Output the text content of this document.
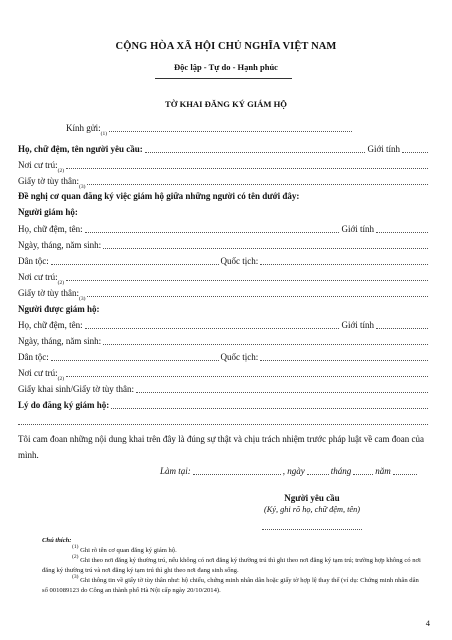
CỘNG HÒA XÃ HỘI CHỦ NGHĨA VIỆT NAM
Độc lập - Tự do - Hạnh phúc
TỜ KHAI ĐĂNG KÝ GIÁM HỘ
Kính gửi:
(1)
Họ, chữ đệm, tên người yêu cầu:	Giới tính
Nơi cư trú:
(2)
Giấy tờ tùy thân:
(3)
Đề nghị cơ quan đăng ký việc giám hộ giữa những người có tên dưới đây:
Người giám hộ:
Họ, chữ đệm, tên:	Giới tính
Ngày, tháng, năm sinh:
Dân tộc:	Quốc tịch:
Nơi cư trú:
(2)
Giấy tờ tùy thân:
(3)
Người được giám hộ:
Họ, chữ đệm, tên:	Giới tính
Ngày, tháng, năm sinh:
Dân tộc:	Quốc tịch:
Nơi cư trú:
(2)
Giấy khai sinh/Giấy tờ tùy thân:
Lý do đăng ký giám hộ:
Tôi cam đoan những nội dung khai trên đây là đúng sự thật và chịu trách nhiệm trước pháp luật về cam đoan của mình.
Làm tại:	, ngày	tháng	năm
Người yêu cầu
(Ký, ghi rõ họ, chữ đệm, tên)
Chú thích:
$^{(1)}$ Ghi rõ tên cơ quan đăng ký giám hộ.
$^{(2)}$ Ghi theo nơi đăng ký thường trú, nếu không có nơi đăng ký thường trú thì ghi theo nơi đăng ký tạm trú; trường hợp không có nơi đăng ký thường trú và nơi đăng ký tạm trú thì ghi theo nơi đang sinh sống.
$^{(3)}$ Ghi thông tin về giấy tờ tùy thân như: hộ chiếu, chứng minh nhân dân hoặc giấy tờ hợp lệ thay thế (ví dụ: Chứng minh nhân dân số 001089123 do Công an thành phố Hà Nội cấp ngày 20/10/2014).
4
